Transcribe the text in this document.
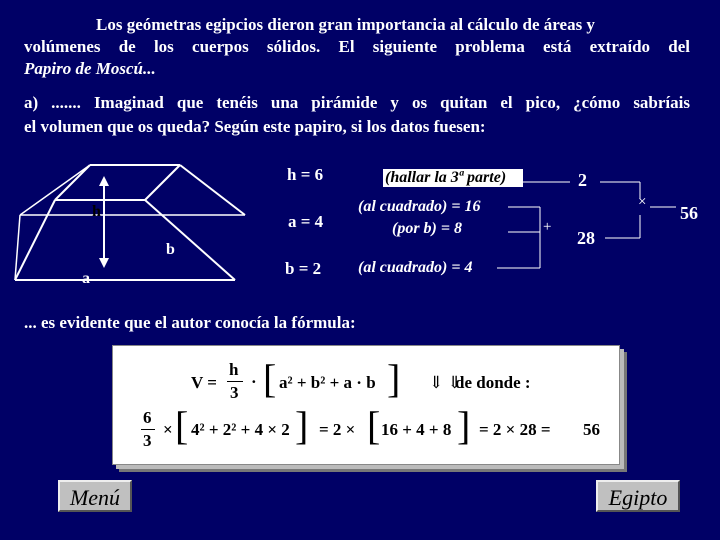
Los geómetras egipcios dieron gran importancia al cálculo de áreas y
volúmenes de los cuerpos sólidos. El siguiente problema está extraído del
Papiro de Moscú...
a) ....... Imaginad que tenéis una pirámide y os quitan el pico, ¿cómo sabríais
el volumen que os queda? Según este papiro, si los datos fuesen:
h
a
b
h = 6
a = 4
b = 2
(hallar la 3ª parte)
(al cuadrado) = 16
(por b) = 8
(al cuadrado) = 4
2
+
28
×
56
... es evidente que el autor conocía la fórmula:
V =
h
3
· [ a² + b² + a · b ] ⇓ ⇓
de donde :
6
3
× [ 4² + 2² + 4 × 2 ] = 2 × [ 16 + 4 + 8 ] = 2 × 28 = 56
Menú	Egipto
